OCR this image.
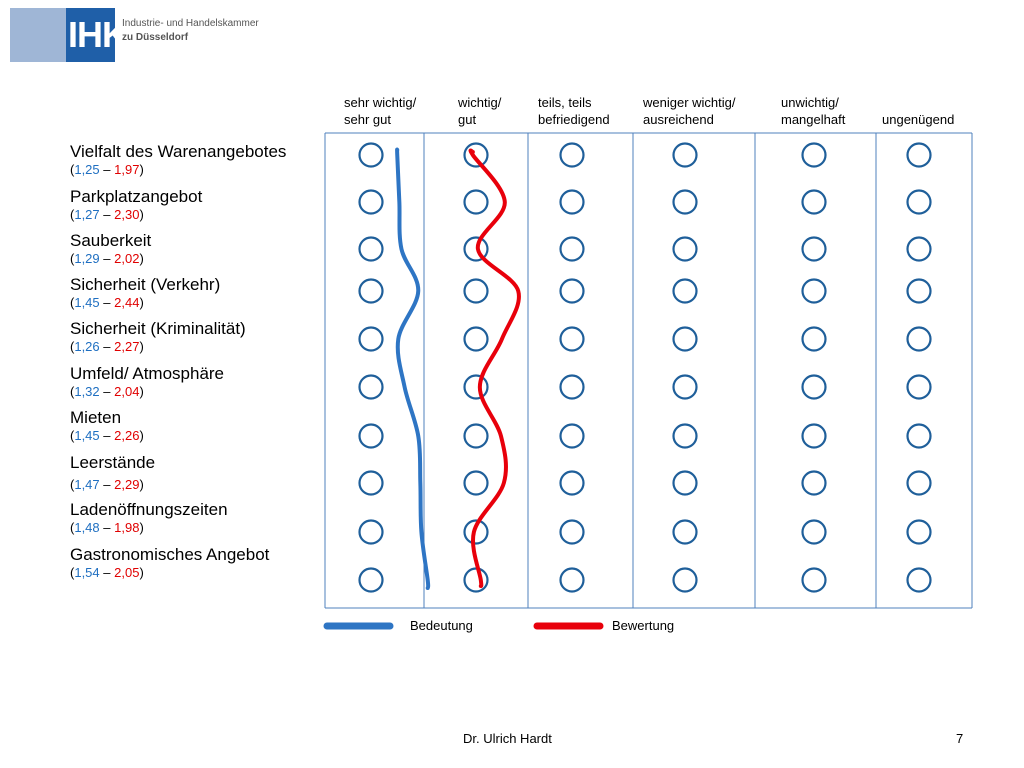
IHK
Industrie- und Handelskammer
zu Düsseldorf
sehr wichtig/
sehr gut
wichtig/
gut
teils, teils
befriedigend
weniger wichtig/
ausreichend
unwichtig/
mangelhaft	ungenügend
Vielfalt des Warenangebotes
(1,25 – 1,97)
Parkplatzangebot
(1,27 – 2,30)
Sauberkeit
(1,29 – 2,02)
Sicherheit (Verkehr)
(1,45 – 2,44)
Sicherheit (Kriminalität)
(1,26 – 2,27)
Umfeld/ Atmosphäre
(1,32 – 2,04)
Mieten
(1,45 – 2,26)
Leerstände
(1,47 – 2,29)
Ladenöffnungszeiten
(1,48 – 1,98)
Gastronomisches Angebot
(1,54 – 2,05)
Bedeutung	Bewertung
Dr. Ulrich Hardt	7
